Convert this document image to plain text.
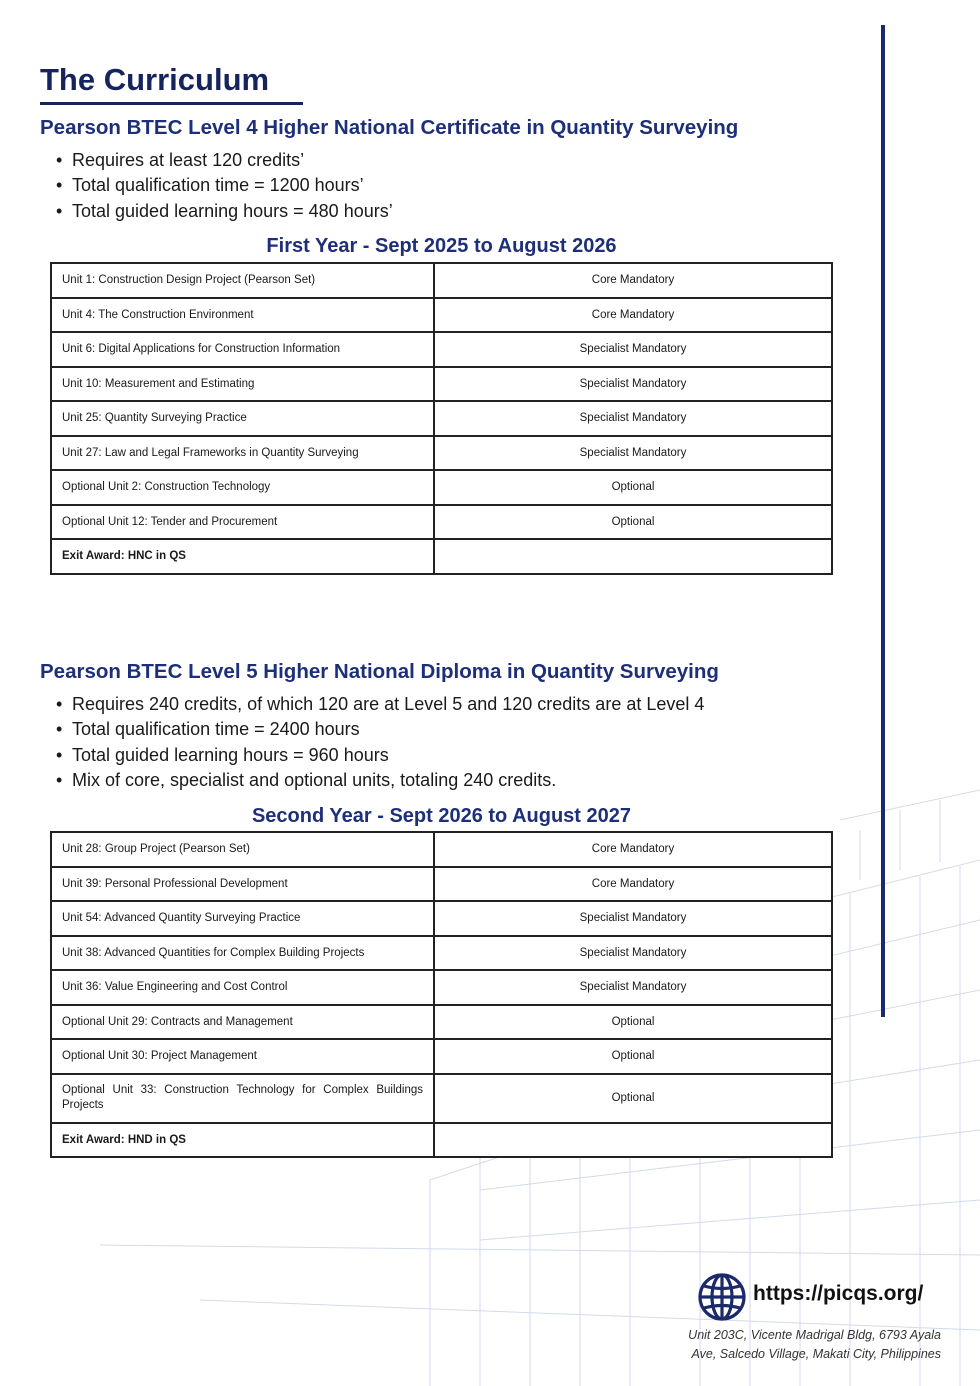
The Curriculum
Pearson BTEC Level 4 Higher National Certificate in Quantity Surveying
• Requires at least 120 credits’
• Total qualification time = 1200 hours’
• Total guided learning hours = 480 hours’
First Year - Sept 2025 to August 2026
Unit 1: Construction Design Project (Pearson Set)	Core Mandatory
Unit 4: The Construction Environment	Core Mandatory
Unit 6: Digital Applications for Construction Information	Specialist Mandatory
Unit 10: Measurement and Estimating	Specialist Mandatory
Unit 25: Quantity Surveying Practice	Specialist Mandatory
Unit 27: Law and Legal Frameworks in Quantity Surveying	Specialist Mandatory
Optional Unit 2: Construction Technology	Optional
Optional Unit 12: Tender and Procurement	Optional
Exit Award: HNC in QS	
Pearson BTEC Level 5 Higher National Diploma in Quantity Surveying
• Requires 240 credits, of which 120 are at Level 5 and 120 credits are at Level 4
• Total qualification time = 2400 hours
• Total guided learning hours = 960 hours
• Mix of core, specialist and optional units, totaling 240 credits.
Second Year - Sept 2026 to August 2027
Unit 28: Group Project (Pearson Set)	Core Mandatory
Unit 39: Personal Professional Development	Core Mandatory
Unit 54: Advanced Quantity Surveying Practice	Specialist Mandatory
Unit 38: Advanced Quantities for Complex Building Projects	Specialist Mandatory
Unit 36: Value Engineering and Cost Control	Specialist Mandatory
Optional Unit 29: Contracts and Management	Optional
Optional Unit 30: Project Management	Optional
Optional Unit 33: Construction Technology for Complex Buildings Projects	Optional
Exit Award: HND in QS	
https://picqs.org/

Unit 203C, Vicente Madrigal Bldg, 6793 Ayala
Ave, Salcedo Village, Makati City, Philippines
